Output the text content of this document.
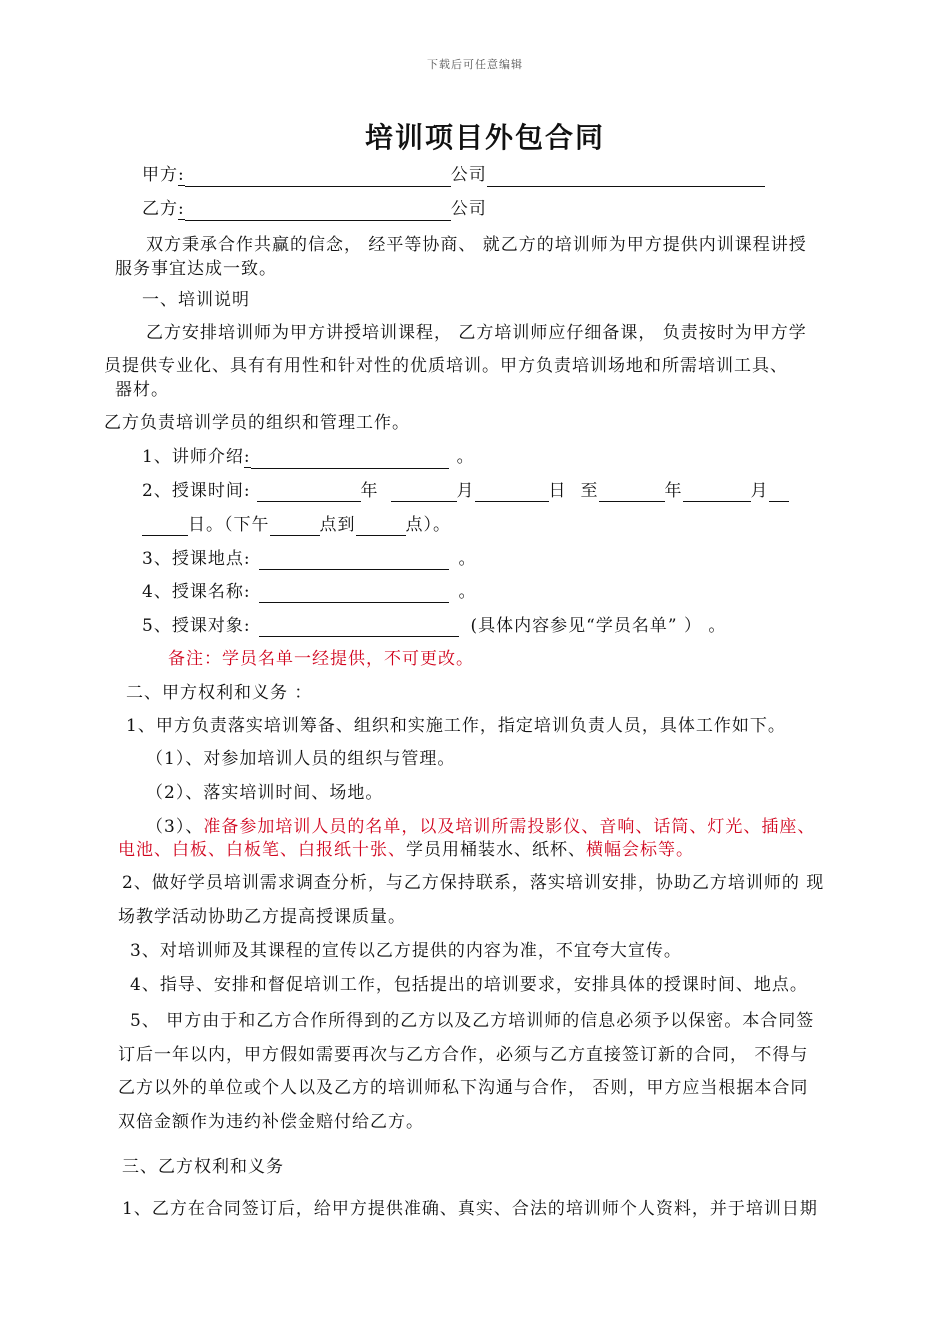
下载后可任意编辑
培训项目外包合同
甲方:	公司
乙方:	公司
双方秉承合作共赢的信念， 经平等协商、 就乙方的培训师为甲方提供内训课程讲授
服务事宜达成一致。
一、培训说明
乙方安排培训师为甲方讲授培训课程， 乙方培训师应仔细备课， 负责按时为甲方学
员提供专业化、具有有用性和针对性的优质培训。甲方负责培训场地和所需培训工具、
器材。
乙方负责培训学员的组织和管理工作。
1、讲师介绍:	。
2、授课时间:	年	月	日 至	年	月
日。（下午	点到	点）。
3、授课地点:	。
4、授课名称:	。
5、授课对象:	(具体内容参见“学员名单” ） 。
备注：学员名单一经提供，不可更改。
二、甲方权利和义务 ：
1、甲方负责落实培训筹备、组织和实施工作，指定培训负责人员，具体工作如下。
（1）、对参加培训人员的组织与管理。
（2）、落实培训时间、场地。
（3）、准备参加培训人员的名单，以及培训所需投影仪、音响、话筒、灯光、插座、
电池、白板、白板笔、白报纸十张、学员用桶装水、纸杯、横幅会标等。
2、做好学员培训需求调查分析，与乙方保持联系，落实培训安排，协助乙方培训师的 现
场教学活动协助乙方提高授课质量。
3、对培训师及其课程的宣传以乙方提供的内容为准，不宜夸大宣传。
4、指导、安排和督促培训工作，包括提出的培训要求，安排具体的授课时间、地点。
5、 甲方由于和乙方合作所得到的乙方以及乙方培训师的信息必须予以保密。本合同签
订后一年以内，甲方假如需要再次与乙方合作，必须与乙方直接签订新的合同， 不得与
乙方以外的单位或个人以及乙方的培训师私下沟通与合作， 否则，甲方应当根据本合同
双倍金额作为违约补偿金赔付给乙方。
三、乙方权利和义务
1、乙方在合同签订后，给甲方提供准确、真实、合法的培训师个人资料，并于培训日期
